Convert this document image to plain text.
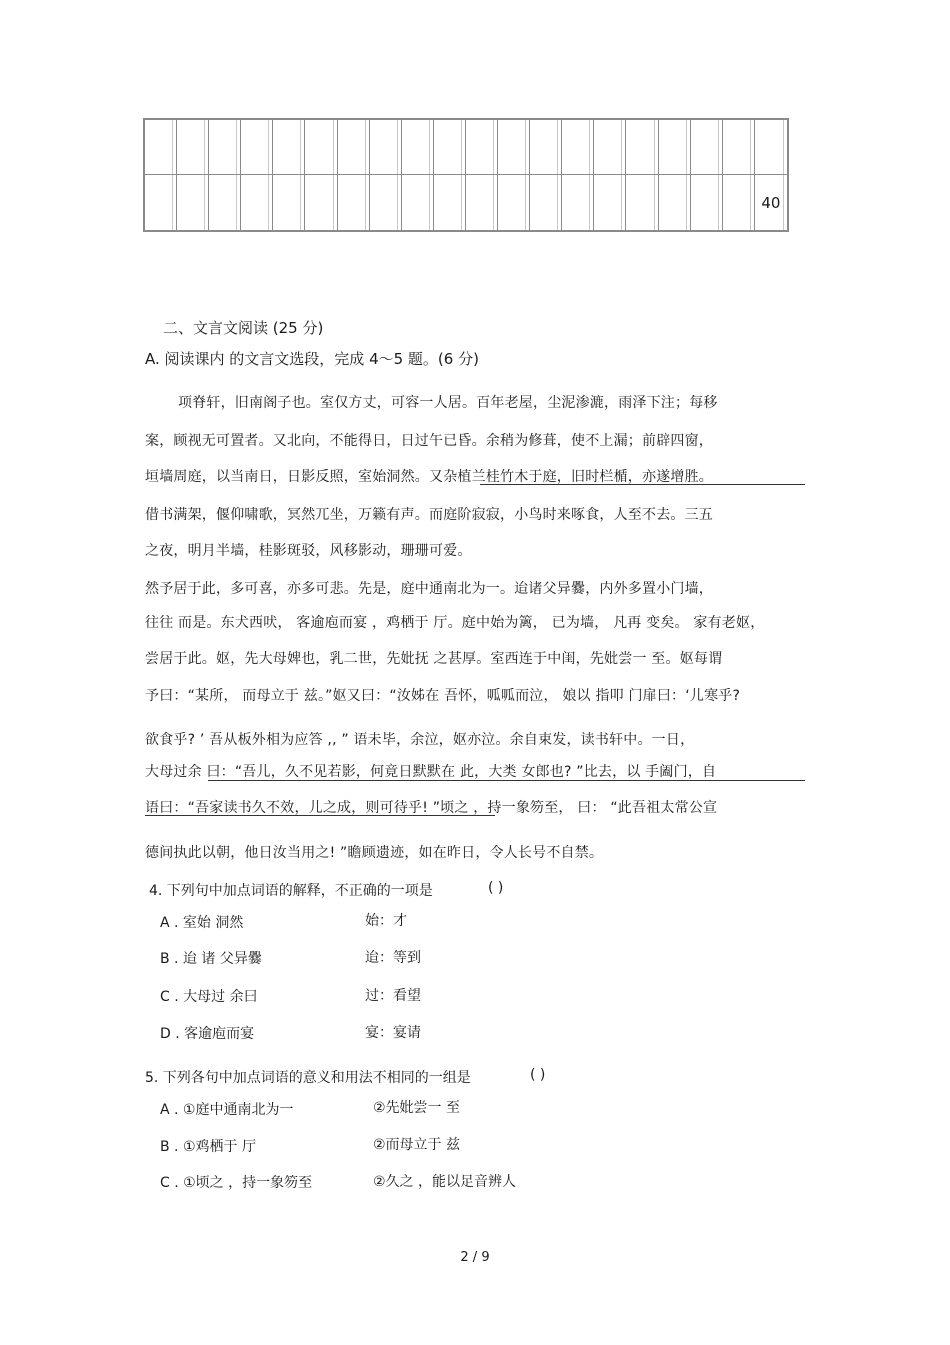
40
二、文言文阅读 (25 分)
A. 阅读课内 的文言文选段，完成 4～5 题。(6 分)
项脊轩，旧南阁子也。室仅方丈，可容一人居。百年老屋，尘泥渗漉，雨泽下注；每移
案，顾视无可置者。又北向，不能得日，日过午已昏。余稍为修葺，使不上漏；前辟四窗，
垣墙周庭，以当南日，日影反照，室始洞然。又杂植兰桂竹木于庭，旧时栏楯，亦遂增胜。
借书满架，偃仰啸歌，冥然兀坐，万籁有声。而庭阶寂寂，小鸟时来啄食，人至不去。三五
之夜，明月半墙，桂影斑驳，风移影动，珊珊可爱。
然予居于此，多可喜，亦多可悲。先是，庭中通南北为一。迨诸父异爨，内外多置小门墙，
往往 而是。东犬西吠， 客逾庖而宴 ，鸡栖于 厅。庭中始为篱， 已为墙， 凡再 变矣。 家有老妪，
尝居于此。妪，先大母婢也，乳二世，先妣抚 之甚厚。室西连于中闺，先妣尝一 至。妪每谓
予曰：“某所， 而母立于 兹。”妪又曰：“汝姊在 吾怀，呱呱而泣， 娘以 指叩 门扉曰：‘儿寒乎?
欲食乎? ’ 吾从板外相为应答 ,, ” 语未毕，余泣，妪亦泣。余自束发，读书轩中。一日，
大母过余 曰：“吾儿，久不见若影，何竟日默默在 此，大类 女郎也? ”比去，以 手阖门，自
语曰：“吾家读书久不效，儿之成，则可待乎! ”顷之 ，持一象笏至， 曰： “此吾祖太常公宣
德间执此以朝，他日汝当用之! ”瞻顾遗迹，如在昨日，令人长号不自禁。
4. 下列句中加点词语的解释，不正确的一项是	( )
A . 室始 洞然	始：才
B . 迨 诸 父异爨	迨：等到
C . 大母过 余曰	过：看望
D . 客逾庖而宴	宴：宴请
5. 下列各句中加点词语的意义和用法不相同的一组是	( )
A . ①庭中通南北为一	②先妣尝一 至
B . ①鸡栖于 厅	②而母立于 兹
C . ①顷之 ，持一象笏至	②久之 ，能以足音辨人
2 / 9
